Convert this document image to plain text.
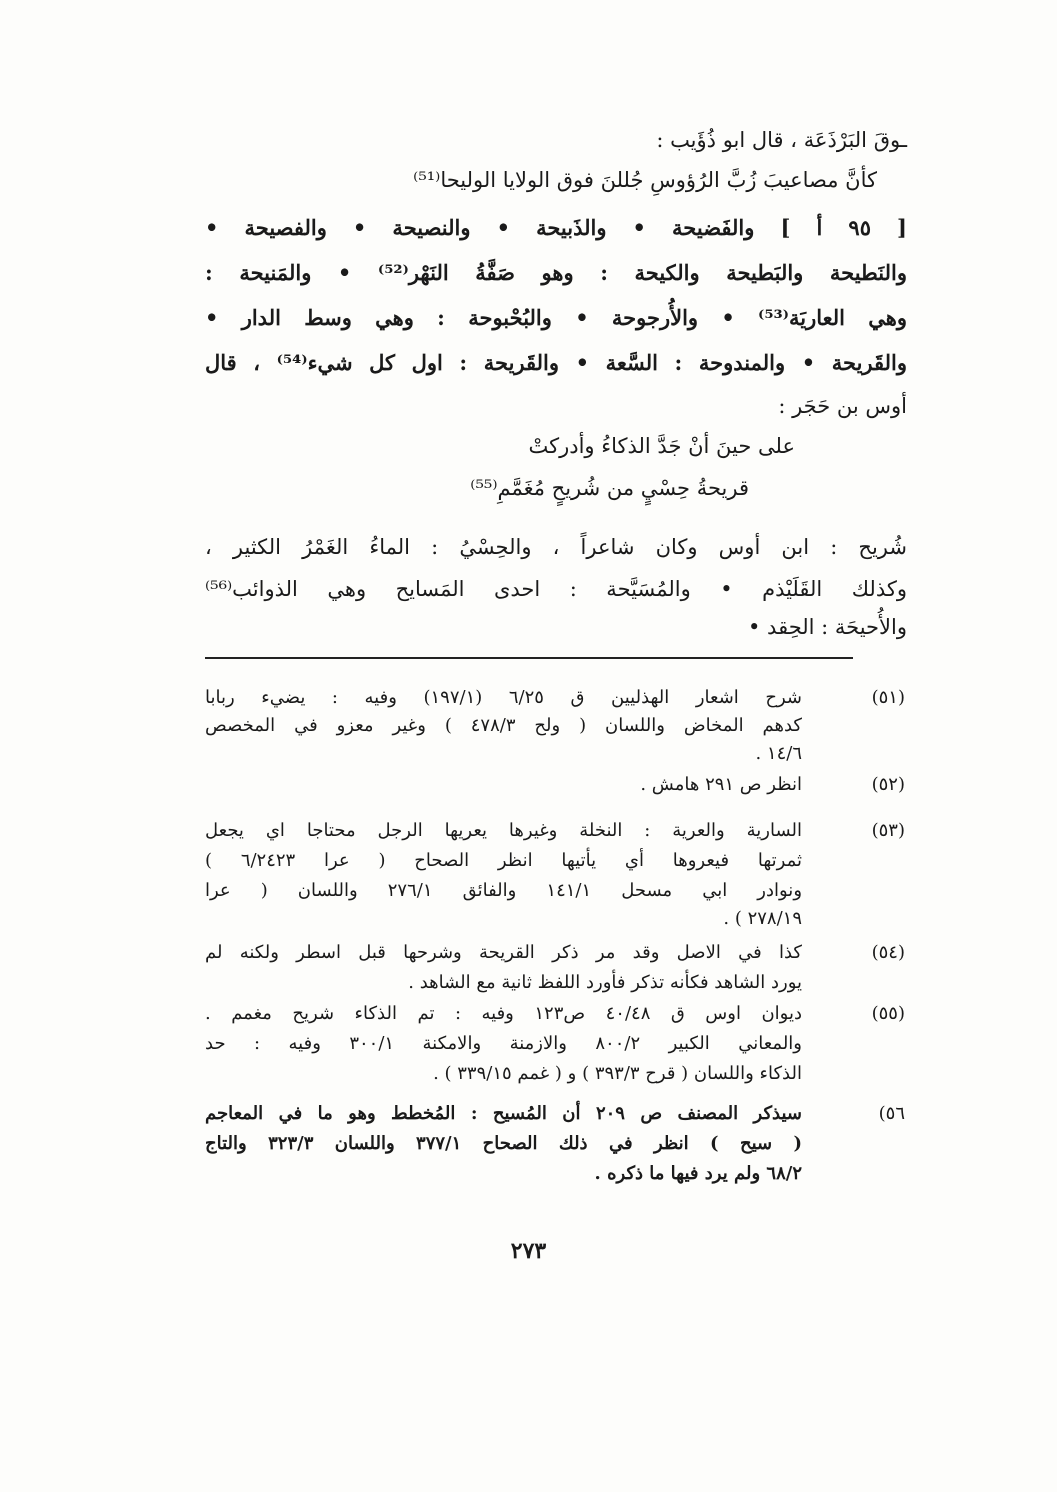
ـوقَ البَرْذَعَة ، قال ابو ذُؤَيب :
كأنَّ مصاعيبَ زُبَّ الرُؤوسِ جُللنَ فوق الولايا الوليحا⁽⁵¹⁾
[ ٩٥ أ ] والفَضيحة • والذَبيحة • والنصيحة • والفصيحة •
والنَطيحة والبَطيحة والكيحة : وهو صَفَّةُ النَهْر⁽⁵²⁾ • والمَنيحة :
وهي العاريَة⁽⁵³⁾ • والأُرجوحة • والبُحْبوحة : وهي وسط الدار •
والقَريحة • والمندوحة : السَّعة • والقَريحة : اول كل شيء⁽⁵⁴⁾ ، قال
أوس بن حَجَر :
على حينَ أنْ جَدَّ الذكاءُ وأدركتْ
قريحةُ حِسْيٍ من شُريحٍ مُغَمَّمِ⁽⁵⁵⁾
شُريح : ابن أوس وكان شاعراً ، والحِسْيُ : الماءُ الغَمْرُ الكثير ،
وكذلك القَلَيْذم • والمُسَيَّحة : احدى المَسايح وهي الذوائب⁽⁵⁶⁾
والأُحيحَة : الحِقد •
(٥١)
شرح اشعار الهذليين ق ٦/٢٥ (١٩٧/١) وفيه : يضيء ربابا
كدهم المخاض واللسان ( ولح ٤٧٨/٣ ) وغير معزو في المخصص
١٤/٦ .
(٥٢)
انظر ص ٢٩١ هامش .
(٥٣)
السارية والعرية : النخلة وغيرها يعريها الرجل محتاجا اي يجعل
ثمرتها فيعروها أي يأتيها انظر الصحاح ( عرا ٦/٢٤٢٣ )
ونوادر ابي مسحل ١٤١/١ والفائق ٢٧٦/١ واللسان ( عرا
٢٧٨/١٩ ) .
(٥٤)
كذا في الاصل وقد مر ذكر القريحة وشرحها قبل اسطر ولكنه لم
يورد الشاهد فكأنه تذكر فأورد اللفظ ثانية مع الشاهد .
(٥٥)
ديوان اوس ق ٤٠/٤٨ ص١٢٣ وفيه : تم الذكاء شريح مغمم .
والمعاني الكبير ٨٠٠/٢ والازمنة والامكنة ٣٠٠/١ وفيه : حد
الذكاء واللسان ( قرح ٣٩٣/٣ ) و ( غمم ٣٣٩/١٥ ) .
٥٦)
سيذكر المصنف ص ٢٠٩ أن المُسيح : المُخطط وهو ما في المعاجم
( سيح ) انظر في ذلك الصحاح ٣٧٧/١ واللسان ٣٢٣/٣ والتاج
٦٨/٢ ولم يرد فيها ما ذكره .
٢٧٣
